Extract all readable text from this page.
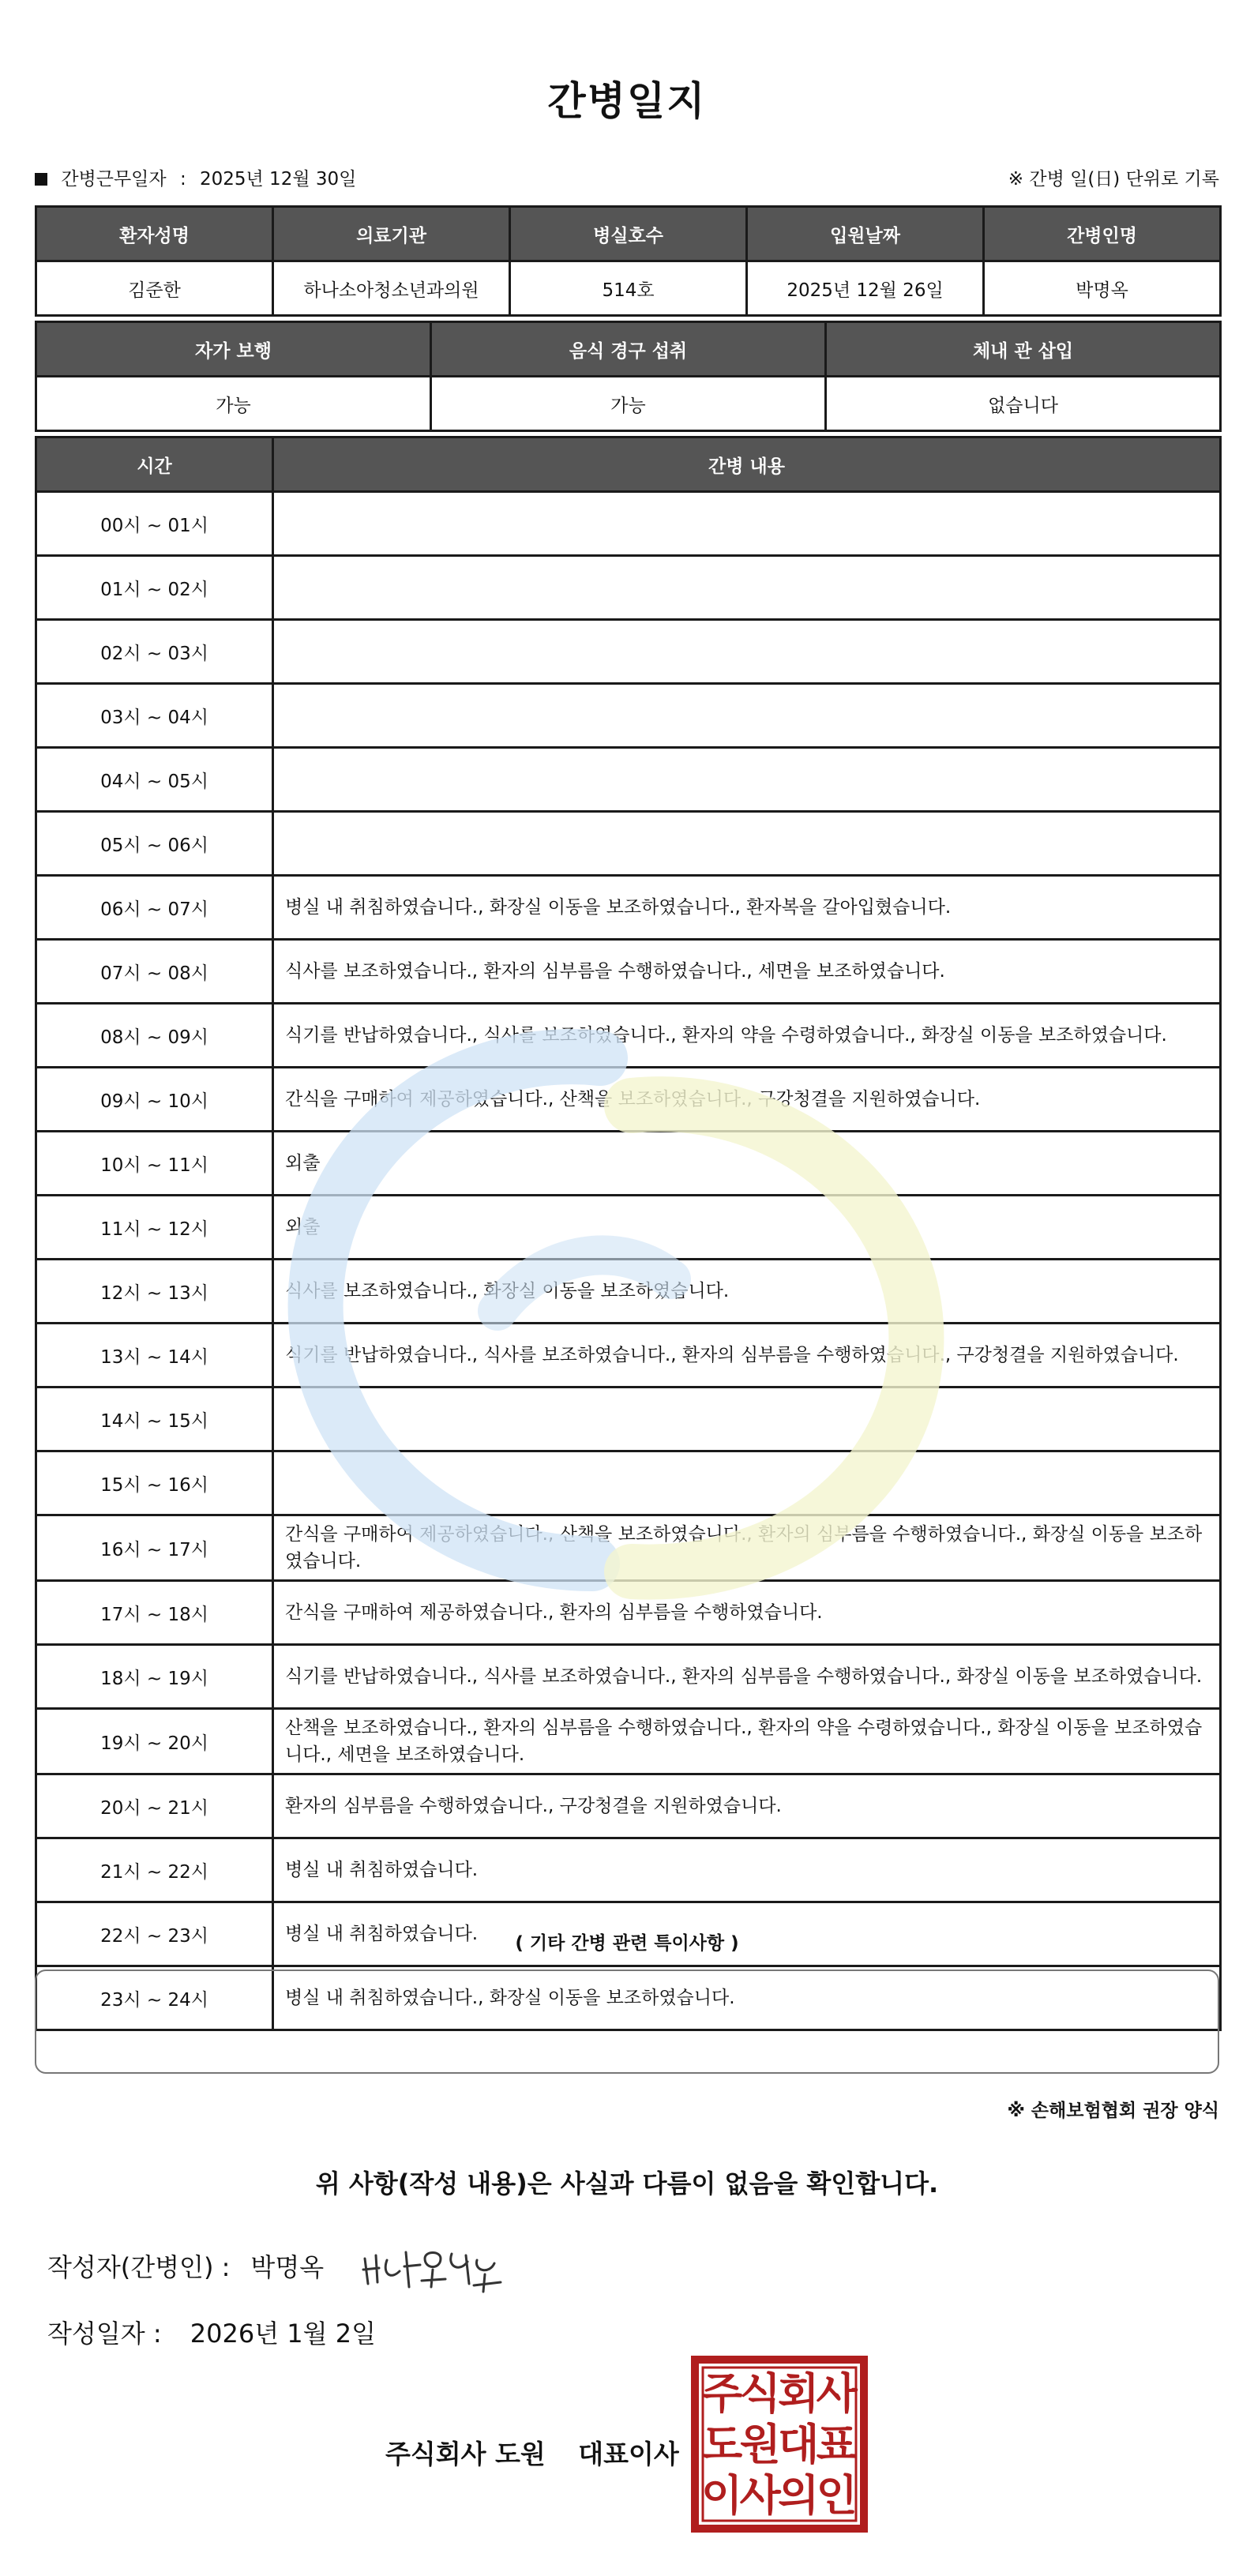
간병일지
간병근무일자 : 2025년 12월 30일	※ 간병 일(日) 단위로 기록
환자성명	의료기관	병실호수	입원날짜	간병인명
김준한	하나소아청소년과의원	514호	2025년 12월 26일	박명옥
자가 보행	음식 경구 섭취	체내 관 삽입
가능	가능	없습니다
시간	간병 내용
00시 ~ 01시	
01시 ~ 02시	
02시 ~ 03시	
03시 ~ 04시	
04시 ~ 05시	
05시 ~ 06시	
06시 ~ 07시	병실 내 취침하였습니다., 화장실 이동을 보조하였습니다., 환자복을 갈아입혔습니다.
07시 ~ 08시	식사를 보조하였습니다., 환자의 심부름을 수행하였습니다., 세면을 보조하였습니다.
08시 ~ 09시	식기를 반납하였습니다., 식사를 보조하였습니다., 환자의 약을 수령하였습니다., 화장실 이동을 보조하였습니다.
09시 ~ 10시	간식을 구매하여 제공하였습니다., 산책을 보조하였습니다., 구강청결을 지원하였습니다.
10시 ~ 11시	외출
11시 ~ 12시	외출
12시 ~ 13시	식사를 보조하였습니다., 화장실 이동을 보조하였습니다.
13시 ~ 14시	식기를 반납하였습니다., 식사를 보조하였습니다., 환자의 심부름을 수행하였습니다., 구강청결을 지원하였습니다.
14시 ~ 15시	
15시 ~ 16시	
16시 ~ 17시	간식을 구매하여 제공하였습니다., 산책을 보조하였습니다., 환자의 심부름을 수행하였습니다., 화장실 이동을 보조하였습니다.
17시 ~ 18시	간식을 구매하여 제공하였습니다., 환자의 심부름을 수행하였습니다.
18시 ~ 19시	식기를 반납하였습니다., 식사를 보조하였습니다., 환자의 심부름을 수행하였습니다., 화장실 이동을 보조하였습니다.
19시 ~ 20시	산책을 보조하였습니다., 환자의 심부름을 수행하였습니다., 환자의 약을 수령하였습니다., 화장실 이동을 보조하였습니다., 세면을 보조하였습니다.
20시 ~ 21시	환자의 심부름을 수행하였습니다., 구강청결을 지원하였습니다.
21시 ~ 22시	병실 내 취침하였습니다.
22시 ~ 23시	병실 내 취침하였습니다.
23시 ~ 24시	병실 내 취침하였습니다., 화장실 이동을 보조하였습니다.
( 기타 간병 관련 특이사항 )
※ 손해보험협회 권장 양식
위 사항(작성 내용)은 사실과 다름이 없음을 확인합니다.
작성자(간병인) : 박명옥
작성일자 : 2026년 1월 2일
주식회사 도원 대표이사
주
식
회
사
도
원
대
표
이
사
의
인
